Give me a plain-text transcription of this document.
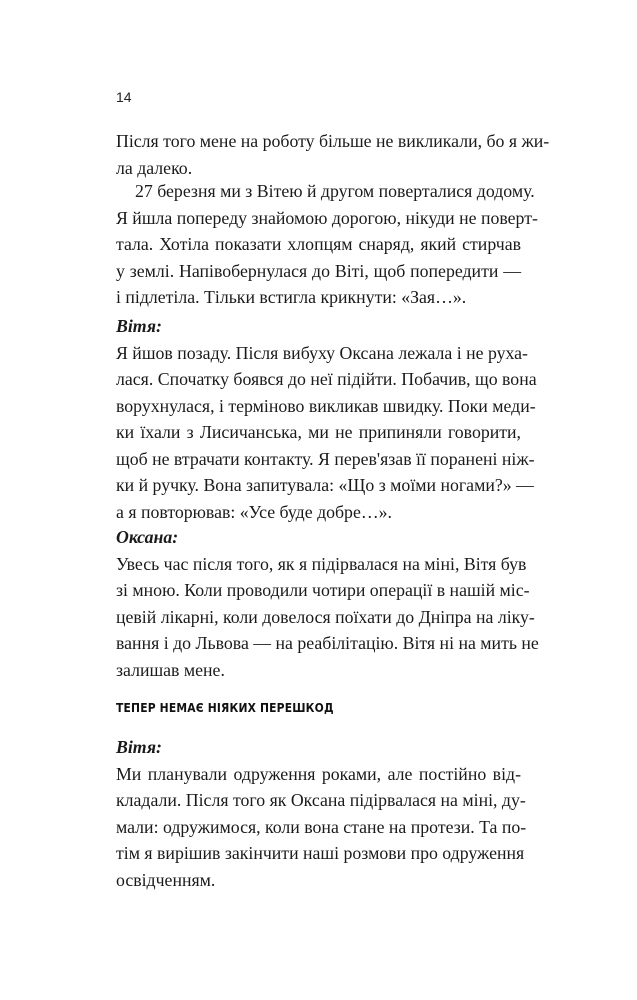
14
Після того мене на роботу більше не викликали, бо я жи-
ла далеко.
27 березня ми з Вітею й другом поверталися додому.
Я йшла попереду знайомою дорогою, нікуди не поверт-
тала. Хотіла показати хлопцям снаряд, який стирчав
у землі. Напівобернулася до Віті, щоб попередити —
і підлетіла. Тільки встигла крикнути: «Зая…».
Вітя:
Я йшов позаду. Після вибуху Оксана лежала і не руха-
лася. Спочатку боявся до неї підійти. Побачив, що вона
ворухнулася, і терміново викликав швидку. Поки меди-
ки їхали з Лисичанська, ми не припиняли говорити,
щоб не втрачати контакту. Я перев'язав її поранені ніж-
ки й ручку. Вона запитувала: «Що з моїми ногами?» —
а я повторював: «Усе буде добре…».
Оксана:
Увесь час після того, як я підірвалася на міні, Вітя був
зі мною. Коли проводили чотири операції в нашій міс-
цевій лікарні, коли довелося поїхати до Дніпра на ліку-
вання і до Львова — на реабілітацію. Вітя ні на мить не
залишав мене.
ТЕПЕР НЕМАЄ НІЯКИХ ПЕРЕШКОД
Вітя:
Ми планували одруження роками, але постійно від-
кладали. Після того як Оксана підірвалася на міні, ду-
мали: одружимося, коли вона стане на протези. Та по-
тім я вирішив закінчити наші розмови про одруження
освідченням.
